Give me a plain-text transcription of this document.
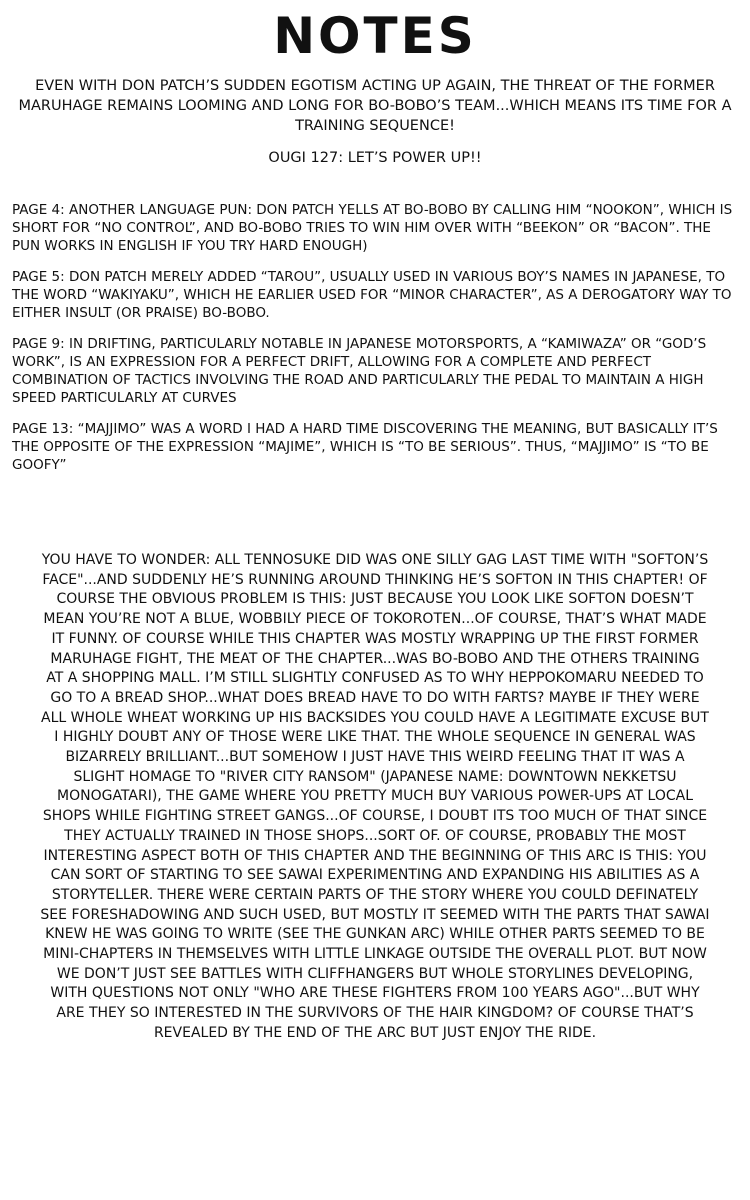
NOTES
EVEN WITH DON PATCH’S SUDDEN EGOTISM ACTING UP AGAIN, THE THREAT OF THE FORMER MARUHAGE REMAINS LOOMING AND LONG FOR BO-BOBO’S TEAM...WHICH MEANS ITS TIME FOR A TRAINING SEQUENCE!
OUGI 127: LET’S POWER UP!!

PAGE 4: ANOTHER LANGUAGE PUN: DON PATCH YELLS AT BO-BOBO BY CALLING HIM “NOOKON”, WHICH IS SHORT FOR “NO CONTROL”, AND BO-BOBO TRIES TO WIN HIM OVER WITH “BEEKON” OR “BACON”. THE PUN WORKS IN ENGLISH IF YOU TRY HARD ENOUGH)

PAGE 5: DON PATCH MERELY ADDED “TAROU”, USUALLY USED IN VARIOUS BOY’S NAMES IN JAPANESE, TO THE WORD “WAKIYAKU”, WHICH HE EARLIER USED FOR “MINOR CHARACTER”, AS A DEROGATORY WAY TO EITHER INSULT (OR PRAISE) BO-BOBO.

PAGE 9: IN DRIFTING, PARTICULARLY NOTABLE IN JAPANESE MOTORSPORTS, A “KAMIWAZA” OR “GOD’S WORK”, IS AN EXPRESSION FOR A PERFECT DRIFT, ALLOWING FOR A COMPLETE AND PERFECT COMBINATION OF TACTICS INVOLVING THE ROAD AND PARTICULARLY THE PEDAL TO MAINTAIN A HIGH SPEED PARTICULARLY AT CURVES

PAGE 13: “MAJJIMO” WAS A WORD I HAD A HARD TIME DISCOVERING THE MEANING, BUT BASICALLY IT’S THE OPPOSITE OF THE EXPRESSION “MAJIME”, WHICH IS “TO BE SERIOUS”. THUS, “MAJJIMO” IS “TO BE GOOFY”

YOU HAVE TO WONDER: ALL TENNOSUKE DID WAS ONE SILLY GAG LAST TIME WITH "SOFTON’S FACE"...AND SUDDENLY HE’S RUNNING AROUND THINKING HE’S SOFTON IN THIS CHAPTER! OF COURSE THE OBVIOUS PROBLEM IS THIS: JUST BECAUSE YOU LOOK LIKE SOFTON DOESN’T MEAN YOU’RE NOT A BLUE, WOBBILY PIECE OF TOKOROTEN...OF COURSE, THAT’S WHAT MADE IT FUNNY. OF COURSE WHILE THIS CHAPTER WAS MOSTLY WRAPPING UP THE FIRST FORMER MARUHAGE FIGHT, THE MEAT OF THE CHAPTER...WAS BO-BOBO AND THE OTHERS TRAINING AT A SHOPPING MALL. I’M STILL SLIGHTLY CONFUSED AS TO WHY HEPPOKOMARU NEEDED TO GO TO A BREAD SHOP...WHAT DOES BREAD HAVE TO DO WITH FARTS? MAYBE IF THEY WERE ALL WHOLE WHEAT WORKING UP HIS BACKSIDES YOU COULD HAVE A LEGITIMATE EXCUSE BUT I HIGHLY DOUBT ANY OF THOSE WERE LIKE THAT. THE WHOLE SEQUENCE IN GENERAL WAS BIZARRELY BRILLIANT...BUT SOMEHOW I JUST HAVE THIS WEIRD FEELING THAT IT WAS A SLIGHT HOMAGE TO "RIVER CITY RANSOM" (JAPANESE NAME: DOWNTOWN NEKKETSU MONOGATARI), THE GAME WHERE YOU PRETTY MUCH BUY VARIOUS POWER-UPS AT LOCAL SHOPS WHILE FIGHTING STREET GANGS...OF COURSE, I DOUBT ITS TOO MUCH OF THAT SINCE THEY ACTUALLY TRAINED IN THOSE SHOPS...SORT OF. OF COURSE, PROBABLY THE MOST INTERESTING ASPECT BOTH OF THIS CHAPTER AND THE BEGINNING OF THIS ARC IS THIS: YOU CAN SORT OF STARTING TO SEE SAWAI EXPERIMENTING AND EXPANDING HIS ABILITIES AS A STORYTELLER. THERE WERE CERTAIN PARTS OF THE STORY WHERE YOU COULD DEFINATELY SEE FORESHADOWING AND SUCH USED, BUT MOSTLY IT SEEMED WITH THE PARTS THAT SAWAI KNEW HE WAS GOING TO WRITE (SEE THE GUNKAN ARC) WHILE OTHER PARTS SEEMED TO BE MINI-CHAPTERS IN THEMSELVES WITH LITTLE LINKAGE OUTSIDE THE OVERALL PLOT. BUT NOW WE DON’T JUST SEE BATTLES WITH CLIFFHANGERS BUT WHOLE STORYLINES DEVELOPING, WITH QUESTIONS NOT ONLY "WHO ARE THESE FIGHTERS FROM 100 YEARS AGO"...BUT WHY ARE THEY SO INTERESTED IN THE SURVIVORS OF THE HAIR KINGDOM? OF COURSE THAT’S REVEALED BY THE END OF THE ARC BUT JUST ENJOY THE RIDE.
